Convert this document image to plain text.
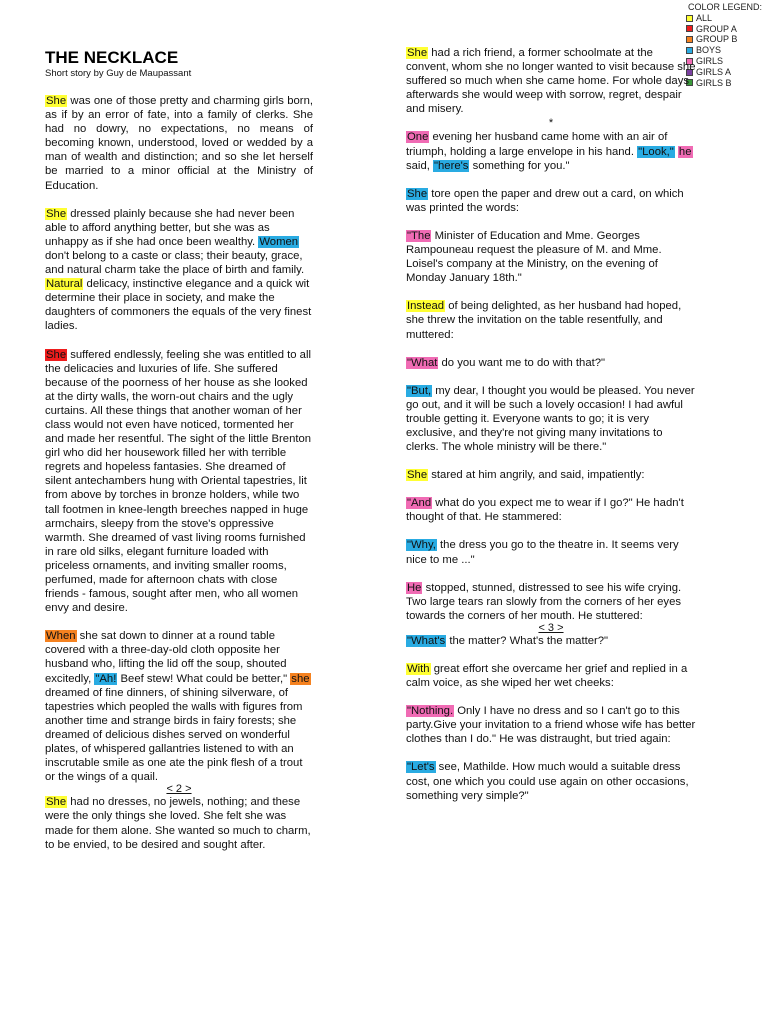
COLOR LEGEND:
ALL
GROUP A
GROUP B
BOYS
GIRLS
GIRLS A
GIRLS B
THE NECKLACE
Short story by Guy de Maupassant

She was one of those pretty and charming girls born, as if by an error of fate, into a family of clerks. She had no dowry, no expectations, no means of becoming known, understood, loved or wedded by a man of wealth and distinction; and so she let herself be married to a minor official at the Ministry of Education.

She dressed plainly because she had never been able to afford anything better, but she was as unhappy as if she had once been wealthy. Women don't belong to a caste or class; their beauty, grace, and natural charm take the place of birth and family. Natural delicacy, instinctive elegance and a quick wit determine their place in society, and make the daughters of commoners the equals of the very finest ladies.

She suffered endlessly, feeling she was entitled to all the delicacies and luxuries of life. She suffered because of the poorness of her house as she looked at the dirty walls, the worn-out chairs and the ugly curtains. All these things that another woman of her class would not even have noticed, tormented her and made her resentful. The sight of the little Brenton girl who did her housework filled her with terrible regrets and hopeless fantasies. She dreamed of silent antechambers hung with Oriental tapestries, lit from above by torches in bronze holders, while two tall footmen in knee-length breeches napped in huge armchairs, sleepy from the stove's oppressive warmth. She dreamed of vast living rooms furnished in rare old silks, elegant furniture loaded with priceless ornaments, and inviting smaller rooms, perfumed, made for afternoon chats with close friends - famous, sought after men, who all women envy and desire.

When she sat down to dinner at a round table covered with a three-day-old cloth opposite her husband who, lifting the lid off the soup, shouted excitedly, "Ah! Beef stew! What could be better," she dreamed of fine dinners, of shining silverware, of tapestries which peopled the walls with figures from another time and strange birds in fairy forests; she dreamed of delicious dishes served on wonderful plates, of whispered gallantries listened to with an inscrutable smile as one ate the pink flesh of a trout or the wings of a quail.

< 2 >

She had no dresses, no jewels, nothing; and these were the only things she loved. She felt she was made for them alone. She wanted so much to charm, to be envied, to be desired and sought after.

She had a rich friend, a former schoolmate at the convent, whom she no longer wanted to visit because she suffered so much when she came home. For whole days afterwards she would weep with sorrow, regret, despair and misery.

*

One evening her husband came home with an air of triumph, holding a large envelope in his hand. "Look," he said, "here's something for you."

She tore open the paper and drew out a card, on which was printed the words:

"The Minister of Education and Mme. Georges Rampouneau request the pleasure of M. and Mme. Loisel's company at the Ministry, on the evening of Monday January 18th."

Instead of being delighted, as her husband had hoped, she threw the invitation on the table resentfully, and muttered:

"What do you want me to do with that?"

"But, my dear, I thought you would be pleased. You never go out, and it will be such a lovely occasion! I had awful trouble getting it. Everyone wants to go; it is very exclusive, and they're not giving many invitations to clerks. The whole ministry will be there."

She stared at him angrily, and said, impatiently:

"And what do you expect me to wear if I go?" He hadn't thought of that. He stammered:

"Why, the dress you go to the theatre in. It seems very nice to me ..."

He stopped, stunned, distressed to see his wife crying. Two large tears ran slowly from the corners of her eyes towards the corners of her mouth. He stuttered:

< 3 >

"What's the matter? What's the matter?"

With great effort she overcame her grief and replied in a calm voice, as she wiped her wet cheeks:

"Nothing. Only I have no dress and so I can't go to this party.Give your invitation to a friend whose wife has better clothes than I do." He was distraught, but tried again:

"Let's see, Mathilde. How much would a suitable dress cost, one which you could use again on other occasions, something very simple?"
